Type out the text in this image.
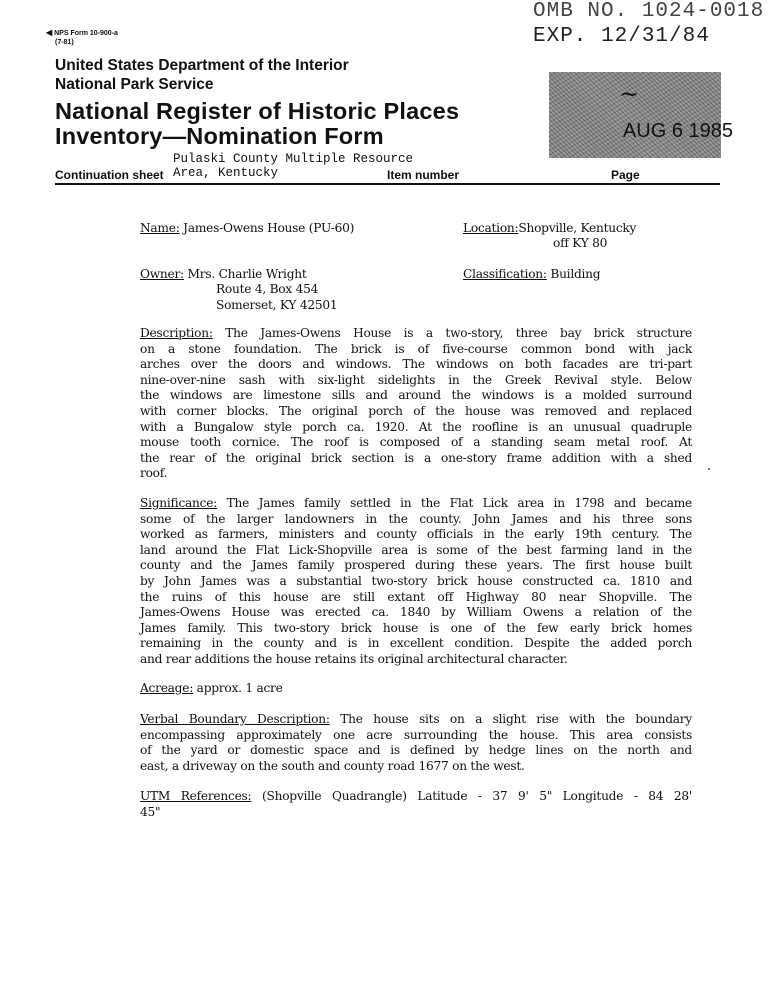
◀ NPS Form 10-900-a
(7-81)
OMB NO. 1024-0018
EXP. 12/31/84
United States Department of the Interior
National Park Service
National Register of Historic Places
Inventory—Nomination Form
~
AUG 6 1985
Pulaski County Multiple Resource
Continuation sheet Area, Kentucky	Item number	Page
Name: James-Owens House (PU-60)	Location:Shopville, Kentucky
off KY 80
Owner: Mrs. Charlie Wright
Route 4, Box 454
Somerset, KY 42501
Classification: Building
Description: The James-Owens House is a two-story, three bay brick structure
on a stone foundation. The brick is of five-course common bond with jack
arches over the doors and windows. The windows on both facades are tri-part
nine-over-nine sash with six-light sidelights in the Greek Revival style. Below
the windows are limestone sills and around the windows is a molded surround
with corner blocks. The original porch of the house was removed and replaced
with a Bungalow style porch ca. 1920. At the roofline is an unusual quadruple
mouse tooth cornice. The roof is composed of a standing seam metal roof. At
the rear of the original brick section is a one-story frame addition with a shed
roof.
Significance: The James family settled in the Flat Lick area in 1798 and became
some of the larger landowners in the county. John James and his three sons
worked as farmers, ministers and county officials in the early 19th century. The
land around the Flat Lick-Shopville area is some of the best farming land in the
county and the James family prospered during these years. The first house built
by John James was a substantial two-story brick house constructed ca. 1810 and
the ruins of this house are still extant off Highway 80 near Shopville. The
James-Owens House was erected ca. 1840 by William Owens a relation of the
James family. This two-story brick house is one of the few early brick homes
remaining in the county and is in excellent condition. Despite the added porch
and rear additions the house retains its original architectural character.
Acreage: approx. 1 acre
Verbal Boundary Description: The house sits on a slight rise with the boundary
encompassing approximately one acre surrounding the house. This area consists
of the yard or domestic space and is defined by hedge lines on the north and
east, a driveway on the south and county road 1677 on the west.
UTM References: (Shopville Quadrangle) Latitude - 37 9' 5" Longitude - 84 28'
45"
